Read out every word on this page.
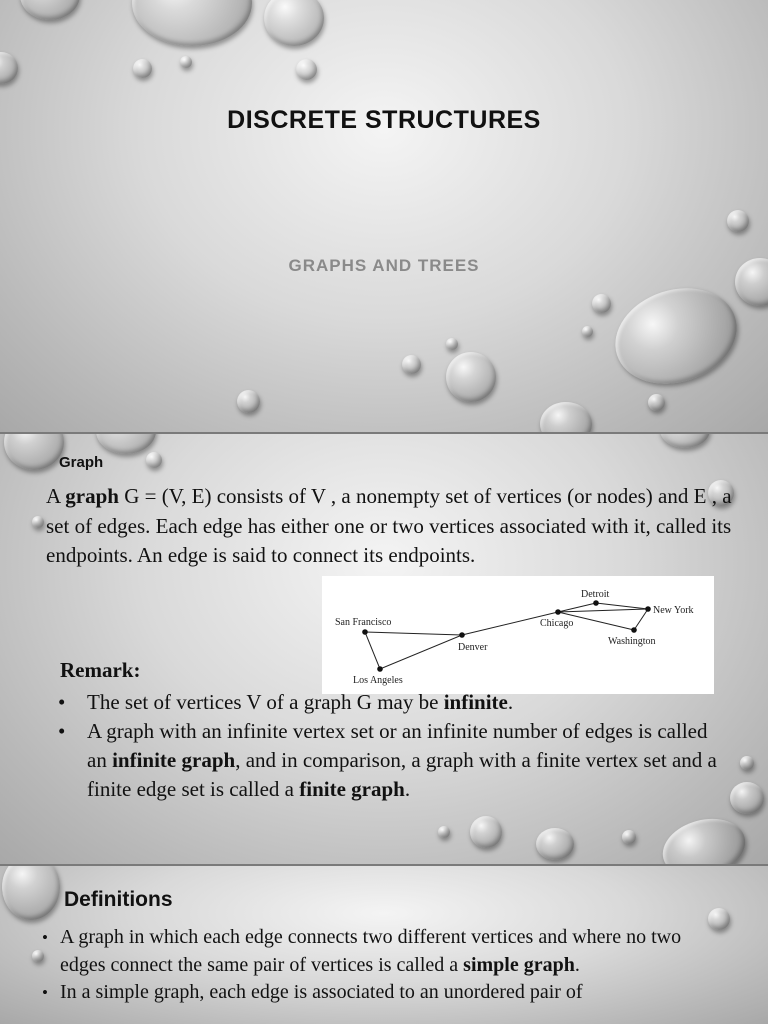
DISCRETE STRUCTURES
GRAPHS AND TREES
Graph

A graph G = (V, E) consists of V , a nonempty set of vertices (or nodes) and E , a set of edges. Each edge has either one or two vertices associated with it, called its endpoints. An edge is said to connect its endpoints.

San Francisco
Los Angeles
Denver
Chicago
Detroit
New York
Washington

Remark:

• The set of vertices V of a graph G may be infinite.
• A graph with an infinite vertex set or an infinite number of edges is called an infinite graph, and in comparison, a graph with a finite vertex set and a finite edge set is called a finite graph.
Definitions
• A graph in which each edge connects two different vertices and where no two edges connect the same pair of vertices is called a simple graph.
• In a simple graph, each edge is associated to an unordered pair of
